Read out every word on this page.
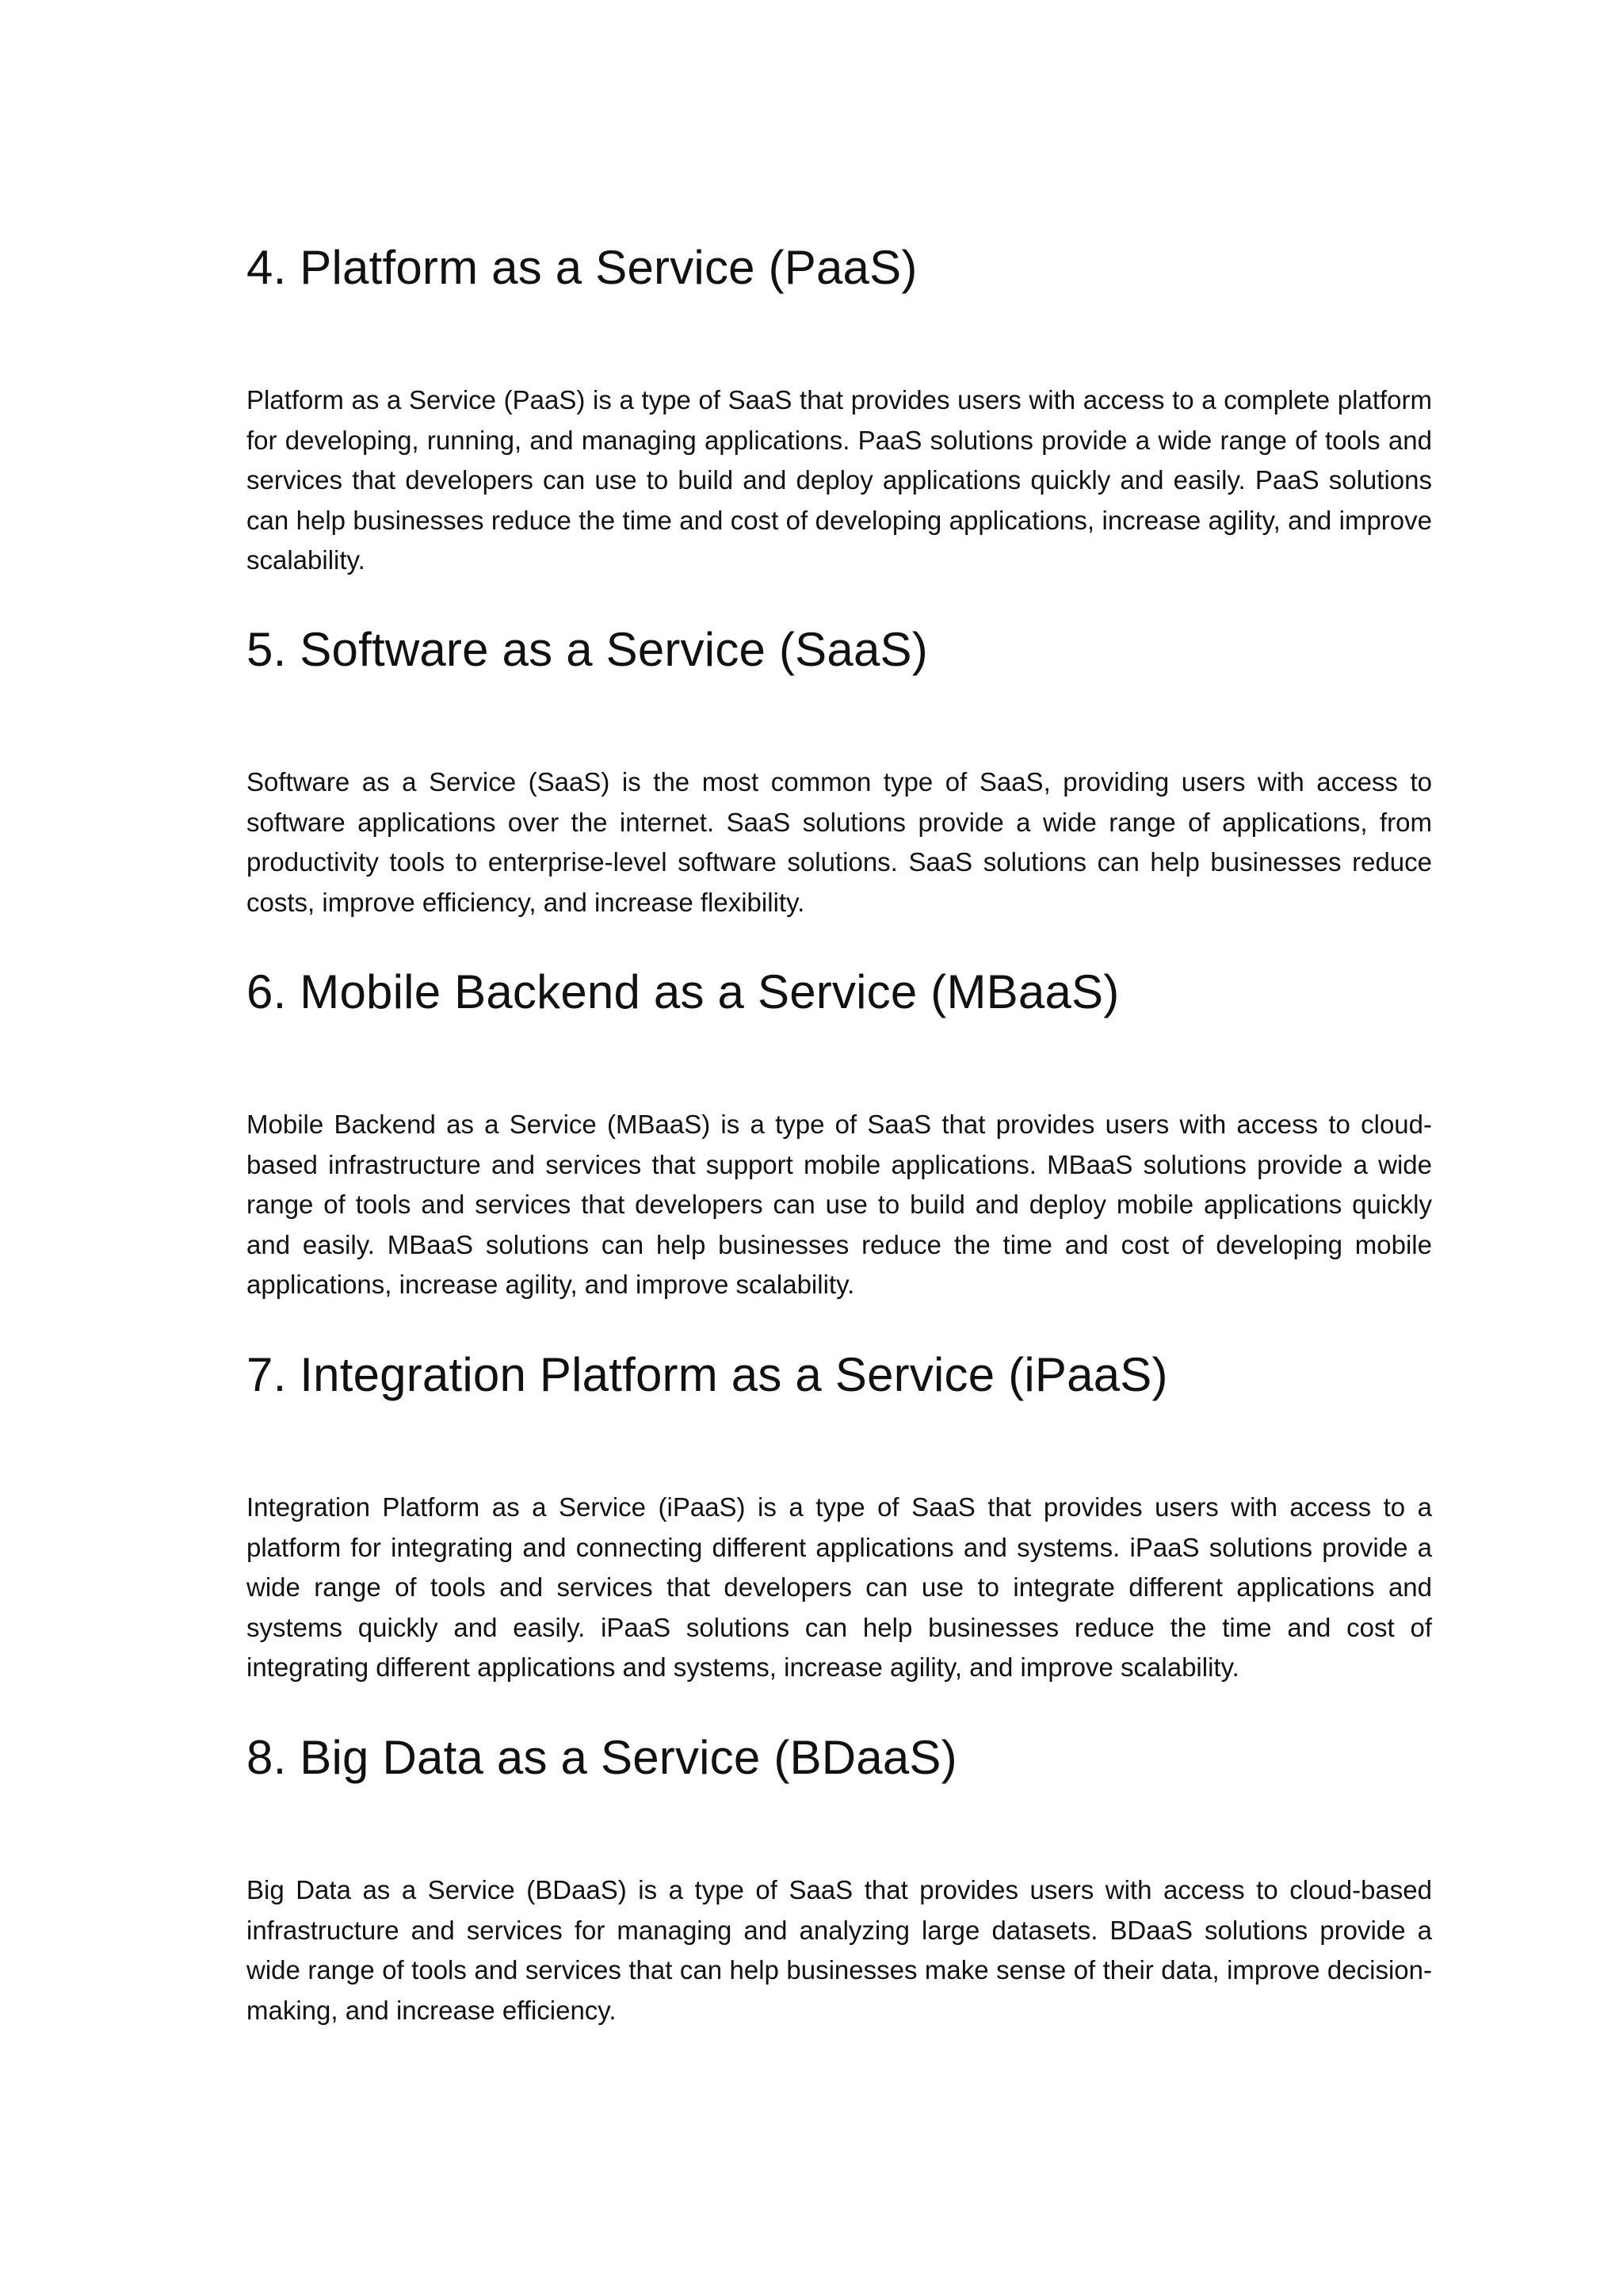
4. Platform as a Service (PaaS)

Platform as a Service (PaaS) is a type of SaaS that provides users with access to a complete platform for developing, running, and managing applications. PaaS solutions provide a wide range of tools and services that developers can use to build and deploy applications quickly and easily. PaaS solutions can help businesses reduce the time and cost of developing applications, increase agility, and improve scalability.

5. Software as a Service (SaaS)

Software as a Service (SaaS) is the most common type of SaaS, providing users with access to software applications over the internet. SaaS solutions provide a wide range of applications, from productivity tools to enterprise-level software solutions. SaaS solutions can help businesses reduce costs, improve efficiency, and increase flexibility.

6. Mobile Backend as a Service (MBaaS)

Mobile Backend as a Service (MBaaS) is a type of SaaS that provides users with access to cloud-based infrastructure and services that support mobile applications. MBaaS solutions provide a wide range of tools and services that developers can use to build and deploy mobile applications quickly and easily. MBaaS solutions can help businesses reduce the time and cost of developing mobile applications, increase agility, and improve scalability.

7. Integration Platform as a Service (iPaaS)

Integration Platform as a Service (iPaaS) is a type of SaaS that provides users with access to a platform for integrating and connecting different applications and systems. iPaaS solutions provide a wide range of tools and services that developers can use to integrate different applications and systems quickly and easily. iPaaS solutions can help businesses reduce the time and cost of integrating different applications and systems, increase agility, and improve scalability.

8. Big Data as a Service (BDaaS)

Big Data as a Service (BDaaS) is a type of SaaS that provides users with access to cloud-based infrastructure and services for managing and analyzing large datasets. BDaaS solutions provide a wide range of tools and services that can help businesses make sense of their data, improve decision-making, and increase efficiency.
